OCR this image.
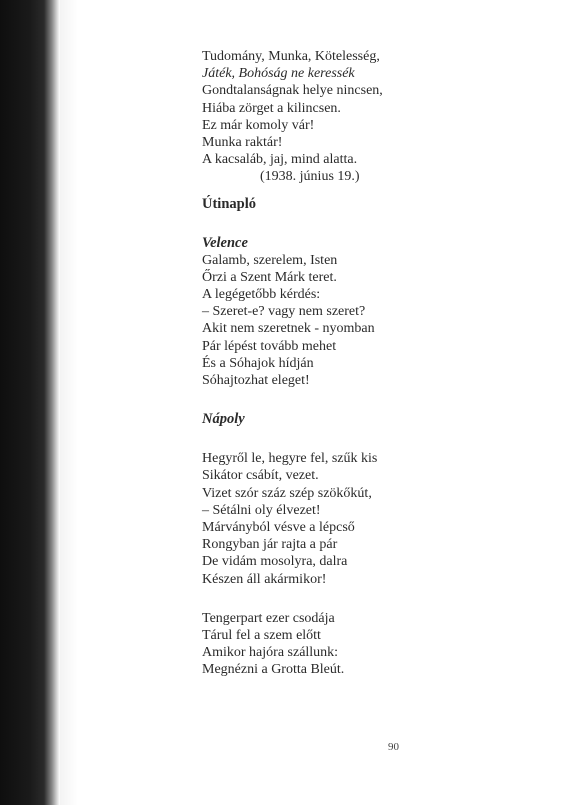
Tudomány, Munka, Kötelesség,
Játék, Bohóság ne keressék
Gondtalanságnak helye nincsen,
Hiába zörget a kilincsen.
Ez már komoly vár!
Munka raktár!
A kacsaláb, jaj, mind alatta.
(1938. június 19.)
Útinapló
Velence
Galamb, szerelem, Isten
Őrzi a Szent Márk teret.
A legégetőbb kérdés:
– Szeret-e? vagy nem szeret?
Akit nem szeretnek - nyomban
Pár lépést tovább mehet
És a Sóhajok hídján
Sóhajtozhat eleget!
Nápoly
Hegyről le, hegyre fel, szűk kis
Sikátor csábít, vezet.
Vizet szór száz szép szökőkút,
– Sétálni oly élvezet!
Márványból vésve a lépcső
Rongyban jár rajta a pár
De vidám mosolyra, dalra
Készen áll akármikor!
Tengerpart ezer csodája
Tárul fel a szem előtt
Amikor hajóra szállunk:
Megnézni a Grotta Bleút.
90
